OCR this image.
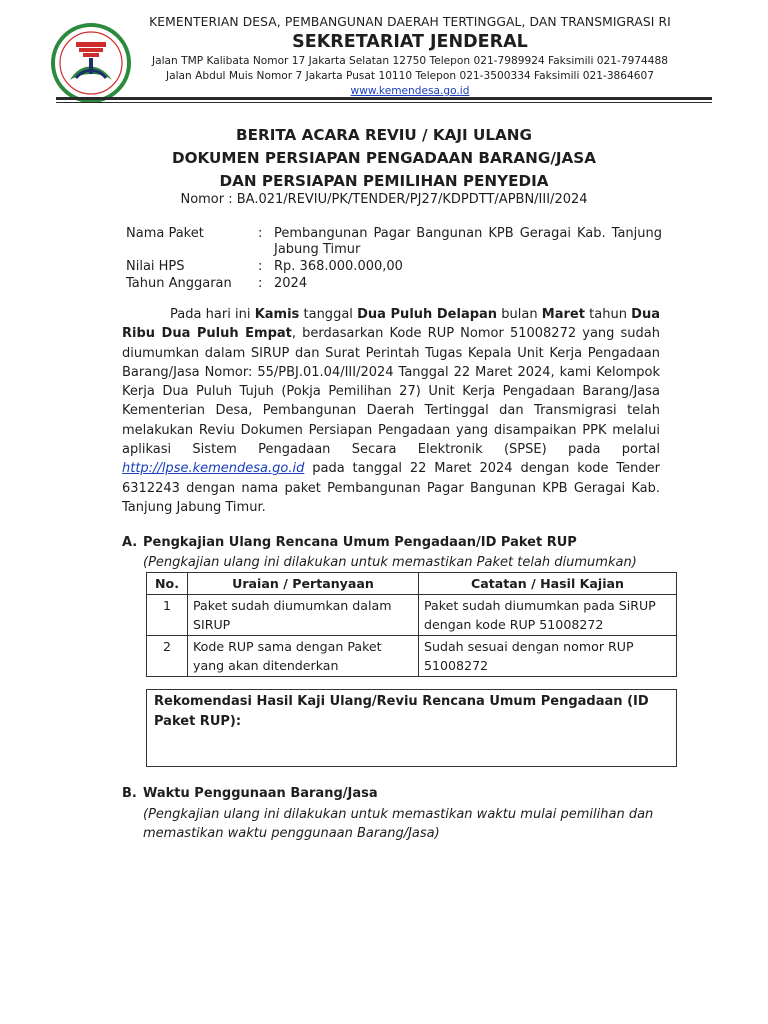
KEMENTERIAN DESA, PEMBANGUNAN DAERAH TERTINGGAL, DAN TRANSMIGRASI RI
SEKRETARIAT JENDERAL
Jalan TMP Kalibata Nomor 17 Jakarta Selatan 12750 Telepon 021-7989924 Faksimili 021-7974488
Jalan Abdul Muis Nomor 7 Jakarta Pusat 10110 Telepon 021-3500334 Faksimili 021-3864607
www.kemendesa.go.id
BERITA ACARA REVIU / KAJI ULANG
DOKUMEN PERSIAPAN PENGADAAN BARANG/JASA
DAN PERSIAPAN PEMILIHAN PENYEDIA
Nomor : BA.021/REVIU/PK/TENDER/PJ27/KDPDTT/APBN/III/2024
Nama Paket	: Pembangunan Pagar Bangunan KPB Geragai Kab. Tanjung Jabung Timur
Nilai HPS	: Rp. 368.000.000,00
Tahun Anggaran	: 2024
Pada hari ini Kamis tanggal Dua Puluh Delapan bulan Maret tahun Dua Ribu Dua Puluh Empat, berdasarkan Kode RUP Nomor 51008272 yang sudah diumumkan dalam SIRUP dan Surat Perintah Tugas Kepala Unit Kerja Pengadaan Barang/Jasa Nomor: 55/PBJ.01.04/III/2024 Tanggal 22 Maret 2024, kami Kelompok Kerja Dua Puluh Tujuh (Pokja Pemilihan 27) Unit Kerja Pengadaan Barang/Jasa Kementerian Desa, Pembangunan Daerah Tertinggal dan Transmigrasi telah melakukan Reviu Dokumen Persiapan Pengadaan yang disampaikan PPK melalui aplikasi Sistem Pengadaan Secara Elektronik (SPSE) pada portal http://lpse.kemendesa.go.id pada tanggal 22 Maret 2024 dengan kode Tender 6312243 dengan nama paket Pembangunan Pagar Bangunan KPB Geragai Kab. Tanjung Jabung Timur.
A. Pengkajian Ulang Rencana Umum Pengadaan/ID Paket RUP
(Pengkajian ulang ini dilakukan untuk memastikan Paket telah diumumkan)
No.	Uraian / Pertanyaan	Catatan / Hasil Kajian
1	Paket sudah diumumkan dalam SIRUP	Paket sudah diumumkan pada SiRUP dengan kode RUP 51008272
2	Kode RUP sama dengan Paket yang akan ditenderkan	Sudah sesuai dengan nomor RUP 51008272
Rekomendasi Hasil Kaji Ulang/Reviu Rencana Umum Pengadaan (ID Paket RUP):
B. Waktu Penggunaan Barang/Jasa
(Pengkajian ulang ini dilakukan untuk memastikan waktu mulai pemilihan dan memastikan waktu penggunaan Barang/Jasa)
